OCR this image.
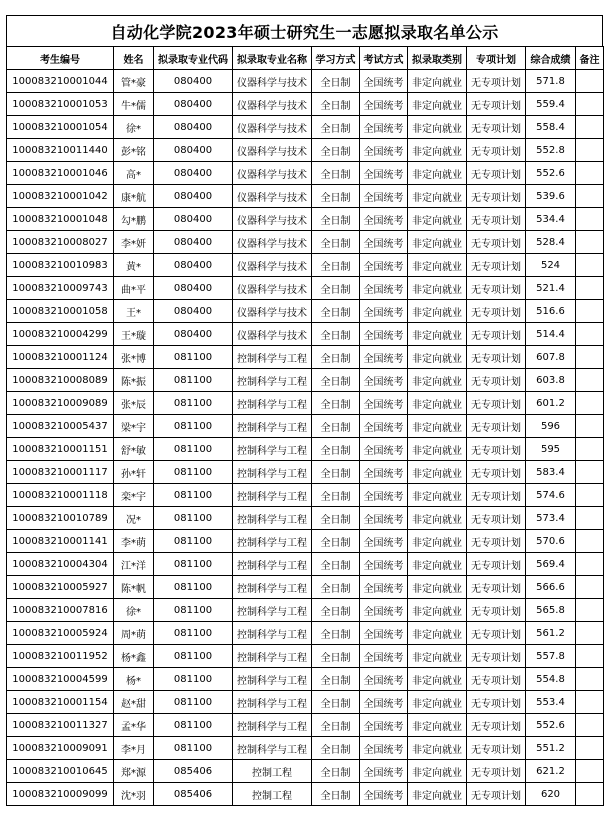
自动化学院2023年硕士研究生一志愿拟录取名单公示
考生编号	姓名	拟录取专业代码	拟录取专业名称	学习方式	考试方式	拟录取类别	专项计划	综合成绩	备注
100083210001044	管*豪	080400	仪器科学与技术	全日制	全国统考	非定向就业	无专项计划	571.8	
100083210001053	牛*儒	080400	仪器科学与技术	全日制	全国统考	非定向就业	无专项计划	559.4	
100083210001054	徐*	080400	仪器科学与技术	全日制	全国统考	非定向就业	无专项计划	558.4	
100083210011440	彭*铭	080400	仪器科学与技术	全日制	全国统考	非定向就业	无专项计划	552.8	
100083210001046	高*	080400	仪器科学与技术	全日制	全国统考	非定向就业	无专项计划	552.6	
100083210001042	康*航	080400	仪器科学与技术	全日制	全国统考	非定向就业	无专项计划	539.6	
100083210001048	勾*鹏	080400	仪器科学与技术	全日制	全国统考	非定向就业	无专项计划	534.4	
100083210008027	李*妍	080400	仪器科学与技术	全日制	全国统考	非定向就业	无专项计划	528.4	
100083210010983	黄*	080400	仪器科学与技术	全日制	全国统考	非定向就业	无专项计划	524	
100083210009743	曲*平	080400	仪器科学与技术	全日制	全国统考	非定向就业	无专项计划	521.4	
100083210001058	王*	080400	仪器科学与技术	全日制	全国统考	非定向就业	无专项计划	516.6	
100083210004299	王*璇	080400	仪器科学与技术	全日制	全国统考	非定向就业	无专项计划	514.4	
100083210001124	张*博	081100	控制科学与工程	全日制	全国统考	非定向就业	无专项计划	607.8	
100083210008089	陈*振	081100	控制科学与工程	全日制	全国统考	非定向就业	无专项计划	603.8	
100083210009089	张*辰	081100	控制科学与工程	全日制	全国统考	非定向就业	无专项计划	601.2	
100083210005437	梁*宇	081100	控制科学与工程	全日制	全国统考	非定向就业	无专项计划	596	
100083210001151	舒*敏	081100	控制科学与工程	全日制	全国统考	非定向就业	无专项计划	595	
100083210001117	孙*轩	081100	控制科学与工程	全日制	全国统考	非定向就业	无专项计划	583.4	
100083210001118	栾*宇	081100	控制科学与工程	全日制	全国统考	非定向就业	无专项计划	574.6	
100083210010789	况*	081100	控制科学与工程	全日制	全国统考	非定向就业	无专项计划	573.4	
100083210001141	李*萌	081100	控制科学与工程	全日制	全国统考	非定向就业	无专项计划	570.6	
100083210004304	江*洋	081100	控制科学与工程	全日制	全国统考	非定向就业	无专项计划	569.4	
100083210005927	陈*帆	081100	控制科学与工程	全日制	全国统考	非定向就业	无专项计划	566.6	
100083210007816	徐*	081100	控制科学与工程	全日制	全国统考	非定向就业	无专项计划	565.8	
100083210005924	周*萌	081100	控制科学与工程	全日制	全国统考	非定向就业	无专项计划	561.2	
100083210011952	杨*鑫	081100	控制科学与工程	全日制	全国统考	非定向就业	无专项计划	557.8	
100083210004599	杨*	081100	控制科学与工程	全日制	全国统考	非定向就业	无专项计划	554.8	
100083210001154	赵*甜	081100	控制科学与工程	全日制	全国统考	非定向就业	无专项计划	553.4	
100083210011327	孟*华	081100	控制科学与工程	全日制	全国统考	非定向就业	无专项计划	552.6	
100083210009091	李*月	081100	控制科学与工程	全日制	全国统考	非定向就业	无专项计划	551.2	
100083210010645	郑*源	085406	控制工程	全日制	全国统考	非定向就业	无专项计划	621.2	
100083210009099	沈*羽	085406	控制工程	全日制	全国统考	非定向就业	无专项计划	620	
